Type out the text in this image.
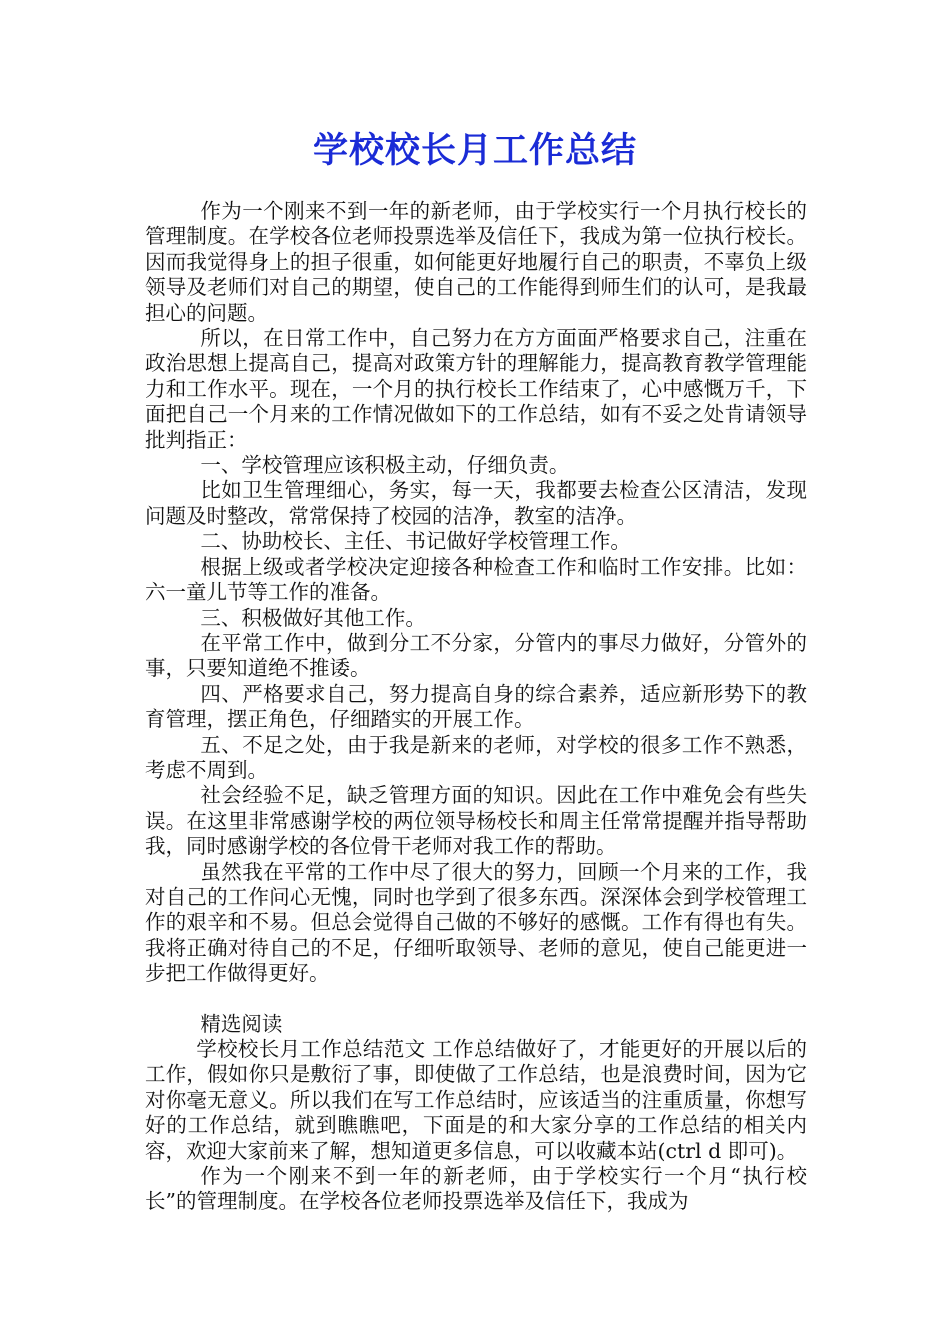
学校校长月工作总结

作为一个刚来不到一年的新老师，由于学校实行一个月执行校长的管理制度。在学校各位老师投票选举及信任下，我成为第一位执行校长。因而我觉得身上的担子很重，如何能更好地履行自己的职责，不辜负上级领导及老师们对自己的期望，使自己的工作能得到师生们的认可，是我最担心的问题。

所以，在日常工作中，自己努力在方方面面严格要求自己，注重在政治思想上提高自己，提高对政策方针的理解能力，提高教育教学管理能力和工作水平。现在，一个月的执行校长工作结束了，心中感慨万千，下面把自己一个月来的工作情况做如下的工作总结，如有不妥之处肯请领导批判指正：

一、学校管理应该积极主动，仔细负责。

比如卫生管理细心，务实，每一天，我都要去检查公区清洁，发现问题及时整改，常常保持了校园的洁净，教室的洁净。

二、协助校长、主任、书记做好学校管理工作。

根据上级或者学校决定迎接各种检查工作和临时工作安排。比如：六一童儿节等工作的准备。

三、积极做好其他工作。

在平常工作中，做到分工不分家，分管内的事尽力做好，分管外的事，只要知道绝不推诿。

四、严格要求自己，努力提高自身的综合素养，适应新形势下的教育管理，摆正角色，仔细踏实的开展工作。

五、不足之处，由于我是新来的老师，对学校的很多工作不熟悉，考虑不周到。

社会经验不足，缺乏管理方面的知识。因此在工作中难免会有些失误。在这里非常感谢学校的两位领导杨校长和周主任常常提醒并指导帮助我，同时感谢学校的各位骨干老师对我工作的帮助。

虽然我在平常的工作中尽了很大的努力，回顾一个月来的工作，我对自己的工作问心无愧，同时也学到了很多东西。深深体会到学校管理工作的艰辛和不易。但总会觉得自己做的不够好的感慨。工作有得也有失。我将正确对待自己的不足，仔细听取领导、老师的意见，使自己能更进一步把工作做得更好。

精选阅读

学校校长月工作总结范文 工作总结做好了，才能更好的开展以后的工作，假如你只是敷衍了事，即使做了工作总结，也是浪费时间，因为它对你毫无意义。所以我们在写工作总结时，应该适当的注重质量，你想写好的工作总结，就到瞧瞧吧，下面是的和大家分享的工作总结的相关内容，欢迎大家前来了解，想知道更多信息，可以收藏本站(ctrl d 即可)。

作为一个刚来不到一年的新老师，由于学校实行一个月“执行校长”的管理制度。在学校各位老师投票选举及信任下，我成为
